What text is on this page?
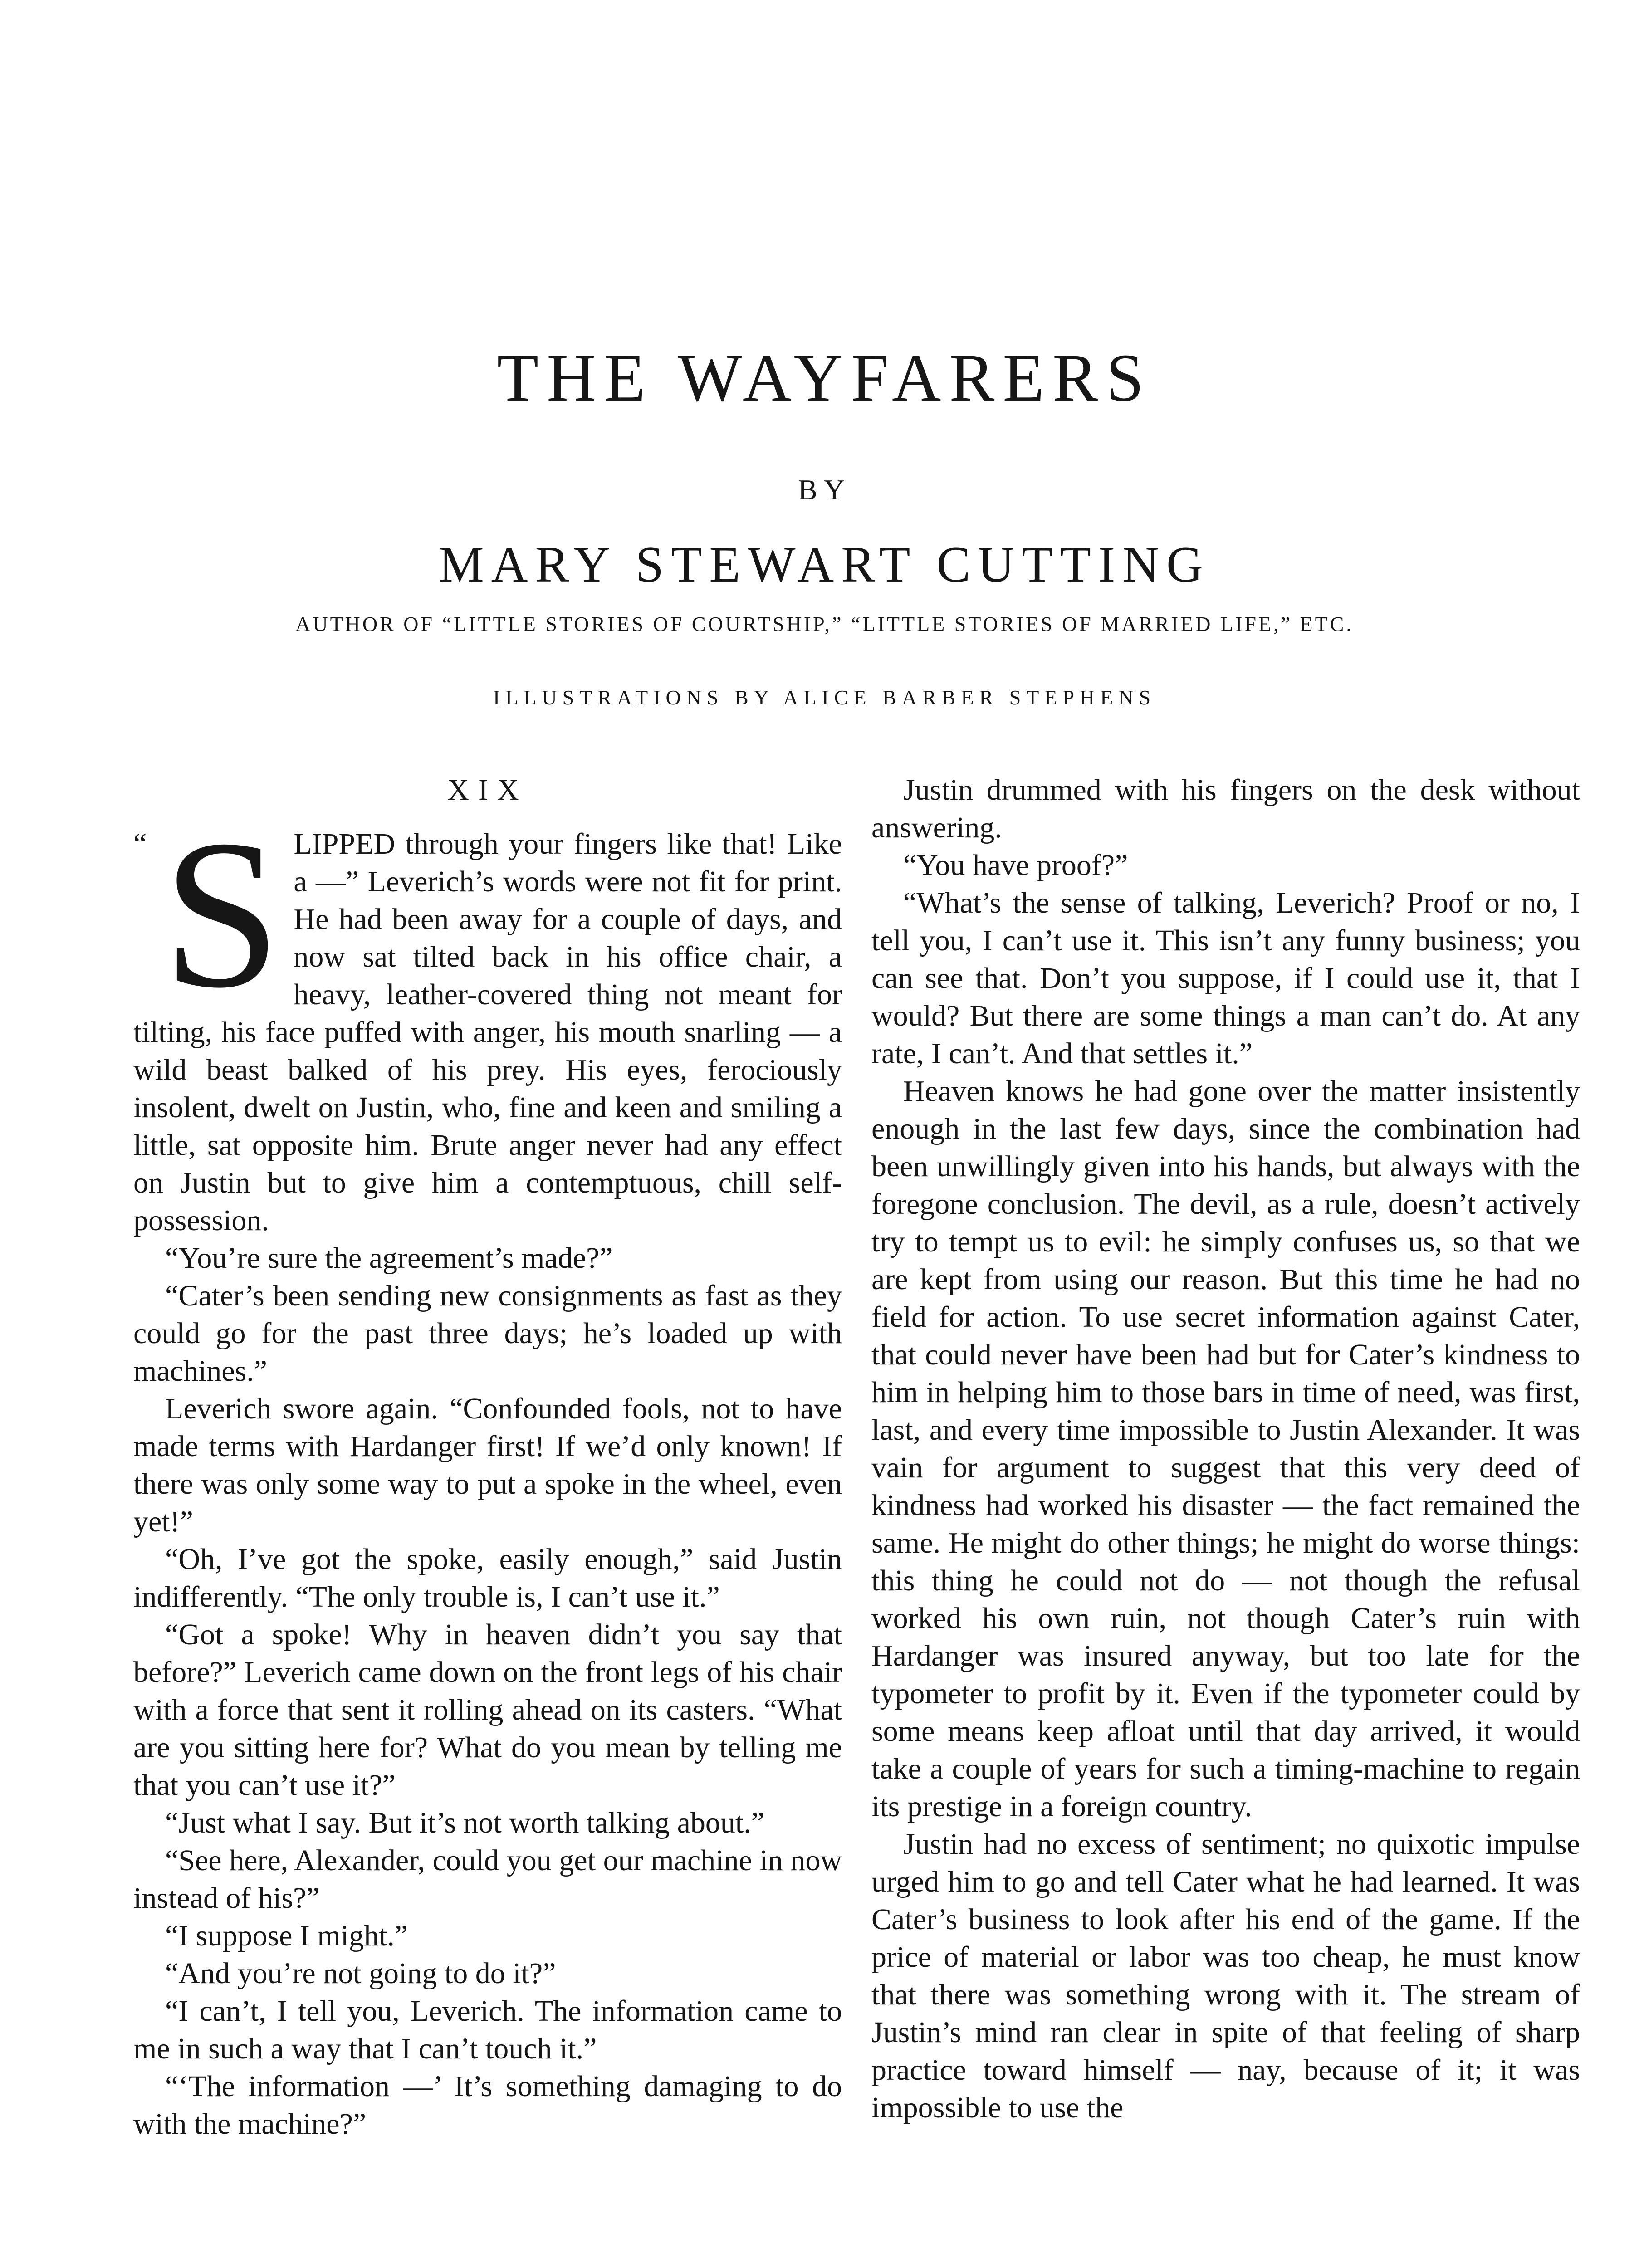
THE WAYFARERS
BY
MARY STEWART CUTTING
AUTHOR OF “LITTLE STORIES OF COURTSHIP,” “LITTLE STORIES OF MARRIED LIFE,” ETC.
ILLUSTRATIONS BY ALICE BARBER STEPHENS
XIX

“ S LIPPED through your fingers like that! Like a —” Leverich’s words were not fit for print. He had been away for a couple of days, and now sat tilted back in his office chair, a heavy, leather-covered thing not meant for tilting, his face puffed with anger, his mouth snarling — a wild beast balked of his prey. His eyes, ferociously insolent, dwelt on Justin, who, fine and keen and smiling a little, sat opposite him. Brute anger never had any effect on Justin but to give him a contemptuous, chill self-possession.

“You’re sure the agreement’s made?”

“Cater’s been sending new consignments as fast as they could go for the past three days; he’s loaded up with machines.”

Leverich swore again. “Confounded fools, not to have made terms with Hardanger first! If we’d only known! If there was only some way to put a spoke in the wheel, even yet!”

“Oh, I’ve got the spoke, easily enough,” said Justin indifferently. “The only trouble is, I can’t use it.”

“Got a spoke! Why in heaven didn’t you say that before?” Leverich came down on the front legs of his chair with a force that sent it rolling ahead on its casters. “What are you sitting here for? What do you mean by telling me that you can’t use it?”

“Just what I say. But it’s not worth talking about.”

“See here, Alexander, could you get our machine in now instead of his?”

“I suppose I might.”

“And you’re not going to do it?”

“I can’t, I tell you, Leverich. The information came to me in such a way that I can’t touch it.”

“‘The information —’ It’s something damaging to do with the machine?”

Justin drummed with his fingers on the desk without answering.

“You have proof?”

“What’s the sense of talking, Leverich? Proof or no, I tell you, I can’t use it. This isn’t any funny business; you can see that. Don’t you suppose, if I could use it, that I would? But there are some things a man can’t do. At any rate, I can’t. And that settles it.”

Heaven knows he had gone over the matter insistently enough in the last few days, since the combination had been unwillingly given into his hands, but always with the foregone conclusion. The devil, as a rule, doesn’t actively try to tempt us to evil: he simply confuses us, so that we are kept from using our reason. But this time he had no field for action. To use secret information against Cater, that could never have been had but for Cater’s kindness to him in helping him to those bars in time of need, was first, last, and every time impossible to Justin Alexander. It was vain for argument to suggest that this very deed of kindness had worked his disaster — the fact remained the same. He might do other things; he might do worse things: this thing he could not do — not though the refusal worked his own ruin, not though Cater’s ruin with Hardanger was insured anyway, but too late for the typometer to profit by it. Even if the typometer could by some means keep afloat until that day arrived, it would take a couple of years for such a timing-machine to regain its prestige in a foreign country.

Justin had no excess of sentiment; no quixotic impulse urged him to go and tell Cater what he had learned. It was Cater’s business to look after his end of the game. If the price of material or labor was too cheap, he must know that there was something wrong with it. The stream of Justin’s mind ran clear in spite of that feeling of sharp practice toward himself — nay, because of it; it was impossible to use the
